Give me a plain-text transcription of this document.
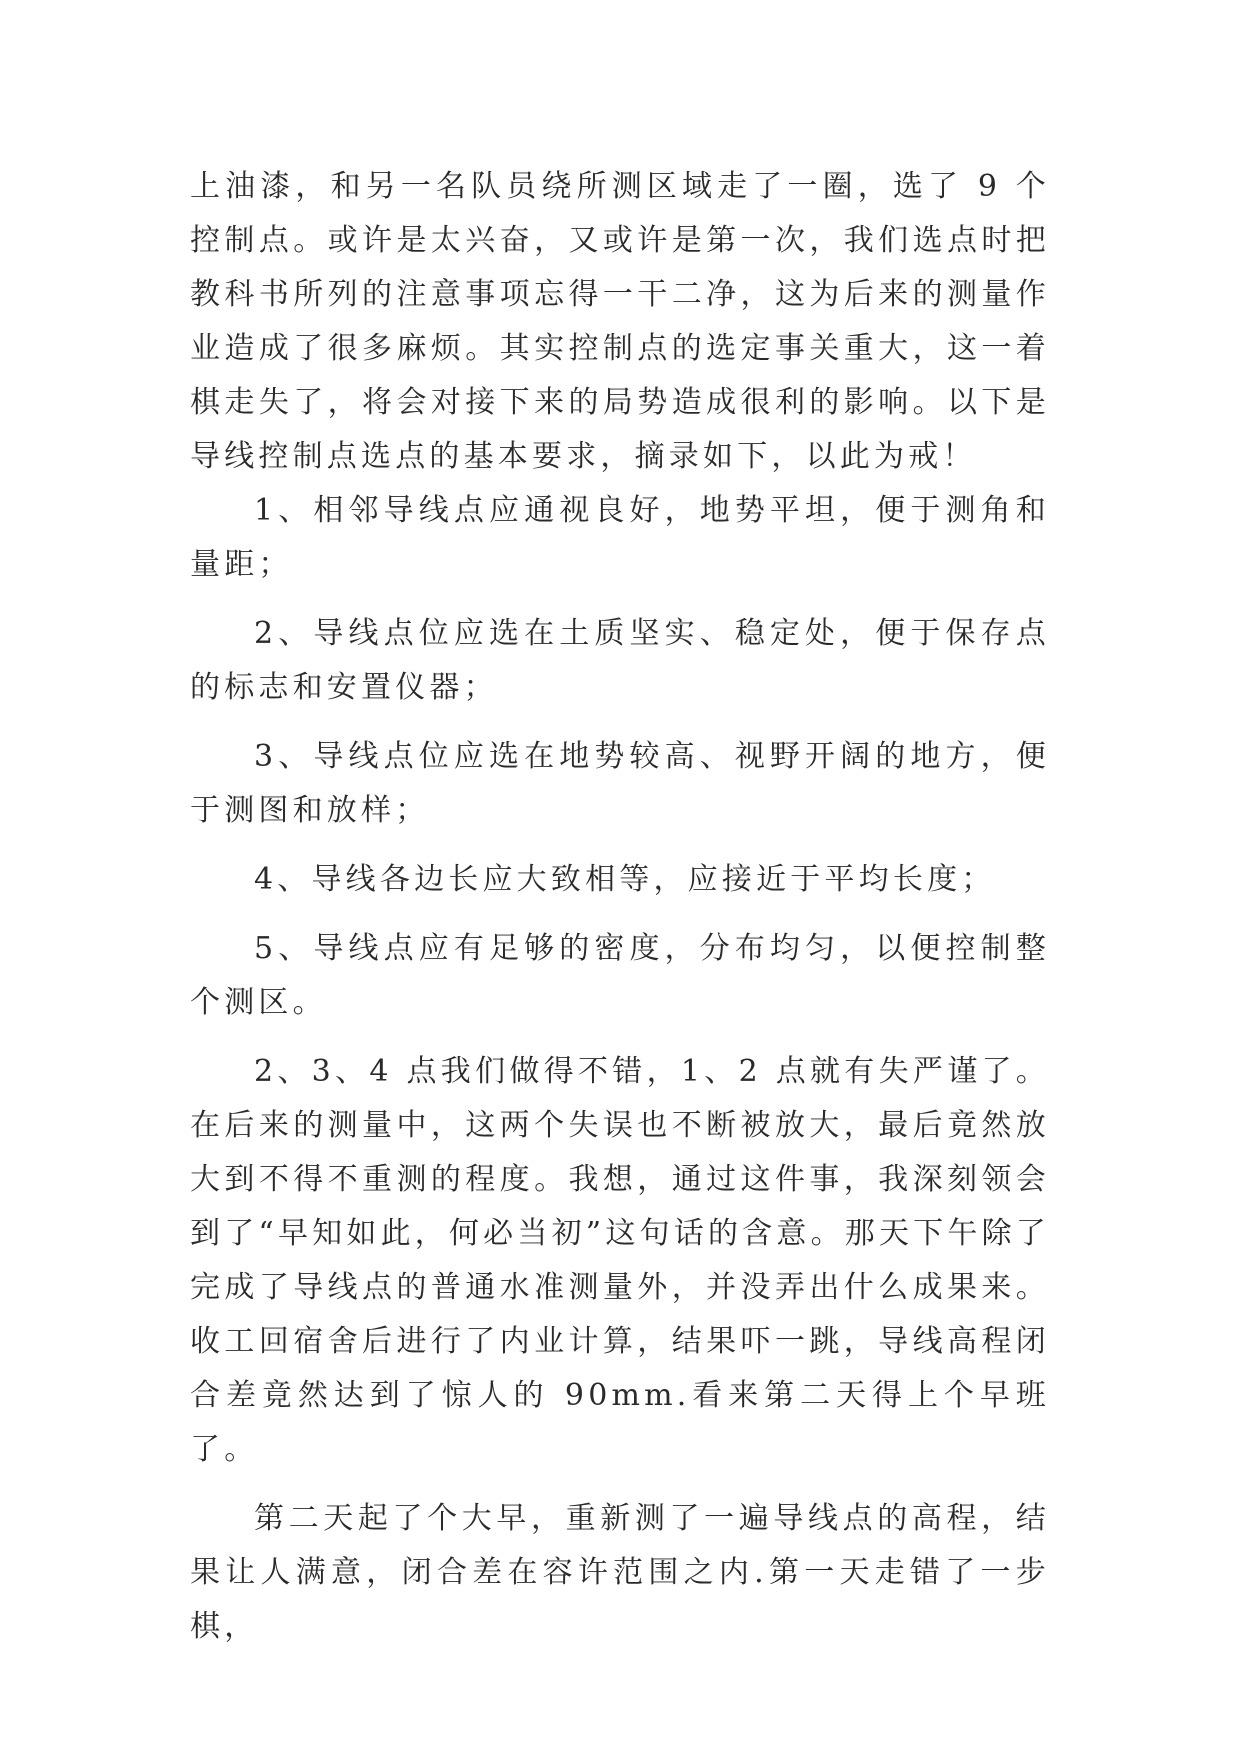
上油漆，和另一名队员绕所测区域走了一圈，选了 9 个控制点。或许是太兴奋，又或许是第一次，我们选点时把教科书所列的注意事项忘得一干二净，这为后来的测量作业造成了很多麻烦。其实控制点的选定事关重大，这一着棋走失了，将会对接下来的局势造成很利的影响。以下是导线控制点选点的基本要求，摘录如下，以此为戒！

1、相邻导线点应通视良好，地势平坦，便于测角和量距；

2、导线点位应选在土质坚实、稳定处，便于保存点的标志和安置仪器；

3、导线点位应选在地势较高、视野开阔的地方，便于测图和放样；

4、导线各边长应大致相等，应接近于平均长度；

5、导线点应有足够的密度，分布均匀，以便控制整个测区。

2、3、4 点我们做得不错，1、2 点就有失严谨了。在后来的测量中，这两个失误也不断被放大，最后竟然放大到不得不重测的程度。我想，通过这件事，我深刻领会到了“早知如此，何必当初”这句话的含意。那天下午除了完成了导线点的普通水准测量外，并没弄出什么成果来。收工回宿舍后进行了内业计算，结果吓一跳，导线高程闭合差竟然达到了惊人的 90mm.看来第二天得上个早班了。

第二天起了个大早，重新测了一遍导线点的高程，结果让人满意，闭合差在容许范围之内.第一天走错了一步棋，
